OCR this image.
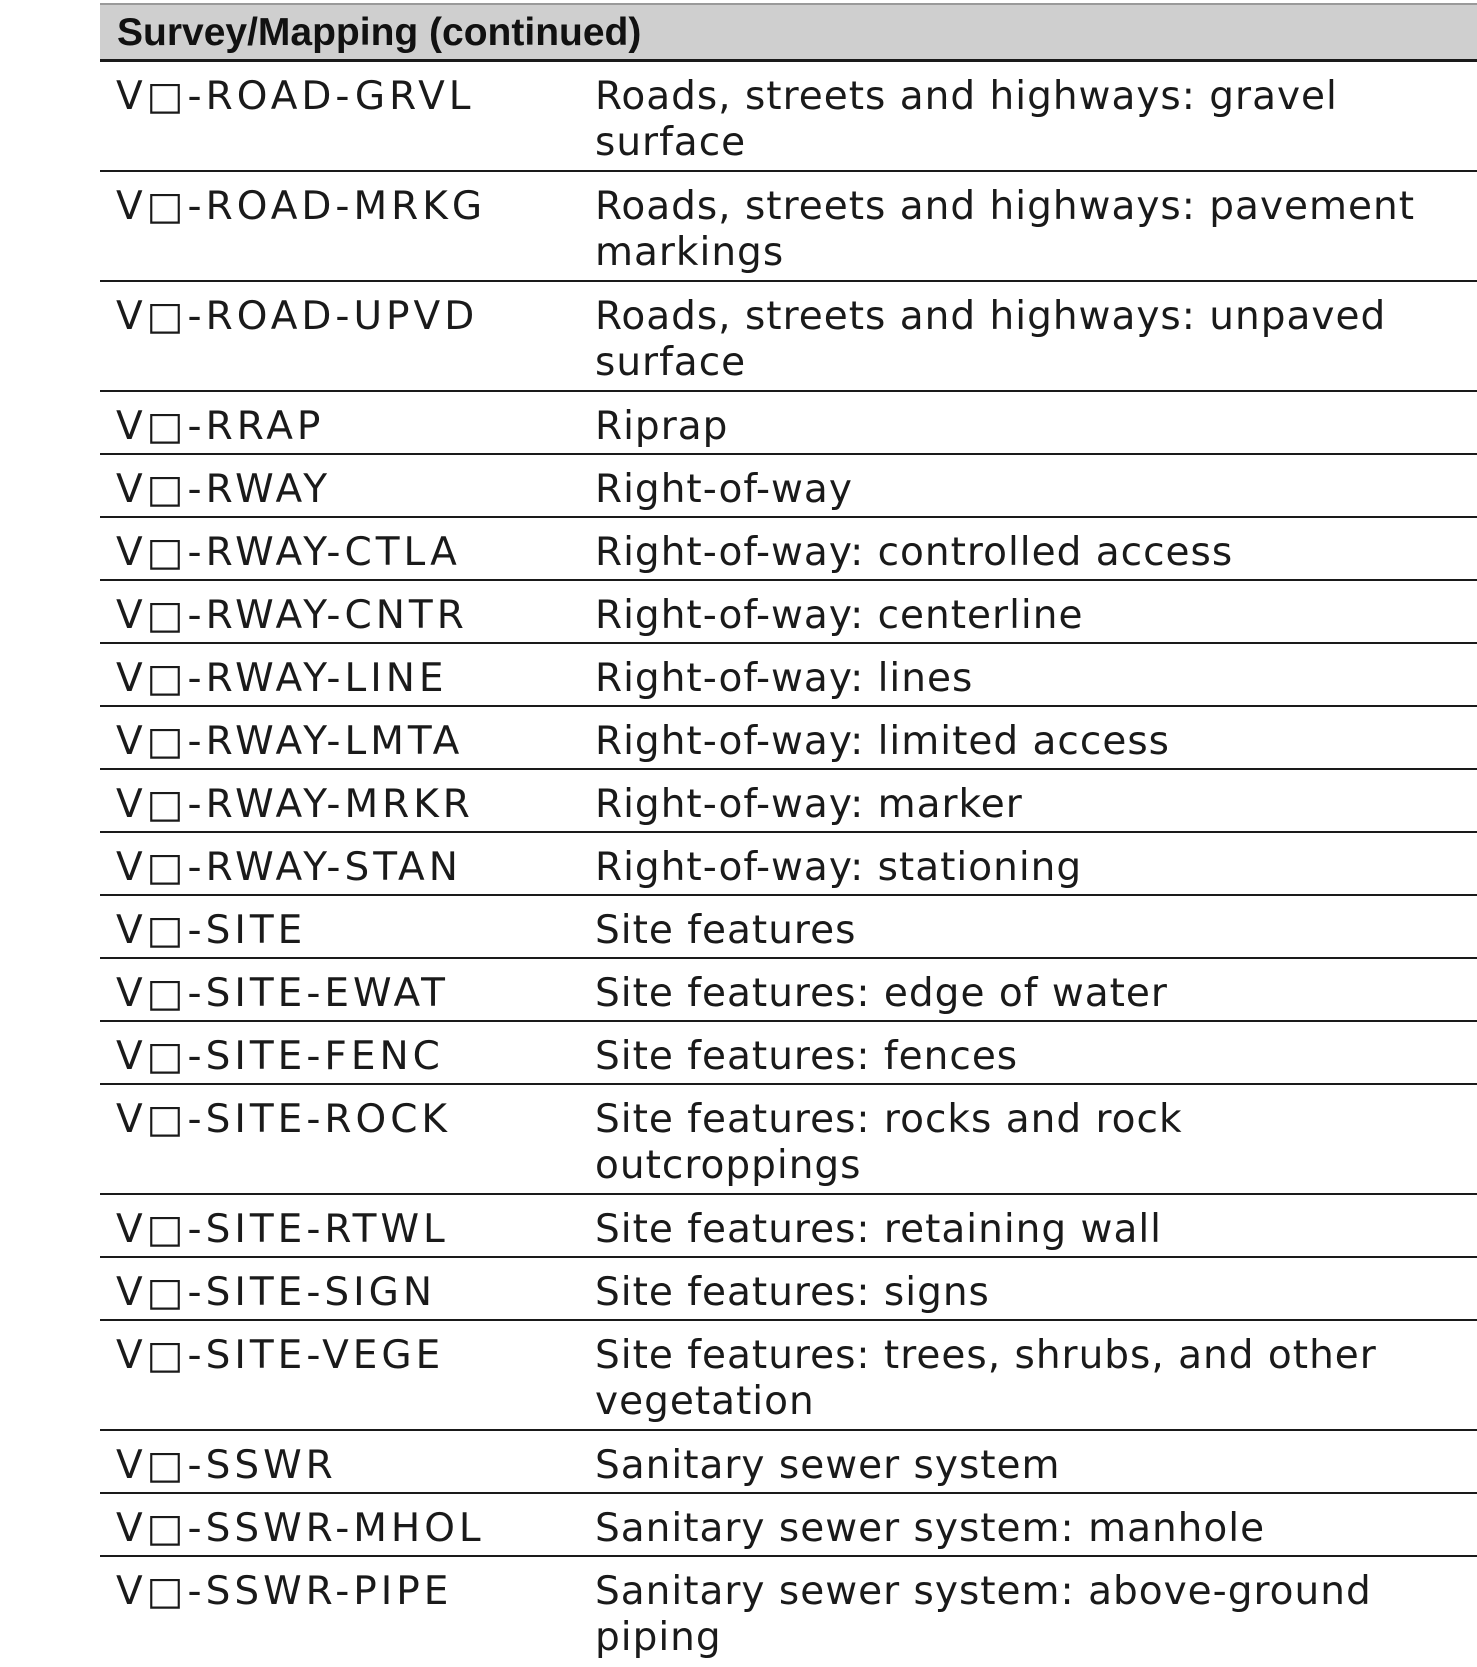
Survey/Mapping (continued)
V□-ROAD-GRVL	Roads, streets and highways: gravel surface
V□-ROAD-MRKG	Roads, streets and highways: pavement markings
V□-ROAD-UPVD	Roads, streets and highways: unpaved surface
V□-RRAP	Riprap
V□-RWAY	Right-of-way
V□-RWAY-CTLA	Right-of-way: controlled access
V□-RWAY-CNTR	Right-of-way: centerline
V□-RWAY-LINE	Right-of-way: lines
V□-RWAY-LMTA	Right-of-way: limited access
V□-RWAY-MRKR	Right-of-way: marker
V□-RWAY-STAN	Right-of-way: stationing
V□-SITE	Site features
V□-SITE-EWAT	Site features: edge of water
V□-SITE-FENC	Site features: fences
V□-SITE-ROCK	Site features: rocks and rock outcroppings
V□-SITE-RTWL	Site features: retaining wall
V□-SITE-SIGN	Site features: signs
V□-SITE-VEGE	Site features: trees, shrubs, and other vegetation
V□-SSWR	Sanitary sewer system
V□-SSWR-MHOL	Sanitary sewer system: manhole
V□-SSWR-PIPE	Sanitary sewer system: above-ground piping
